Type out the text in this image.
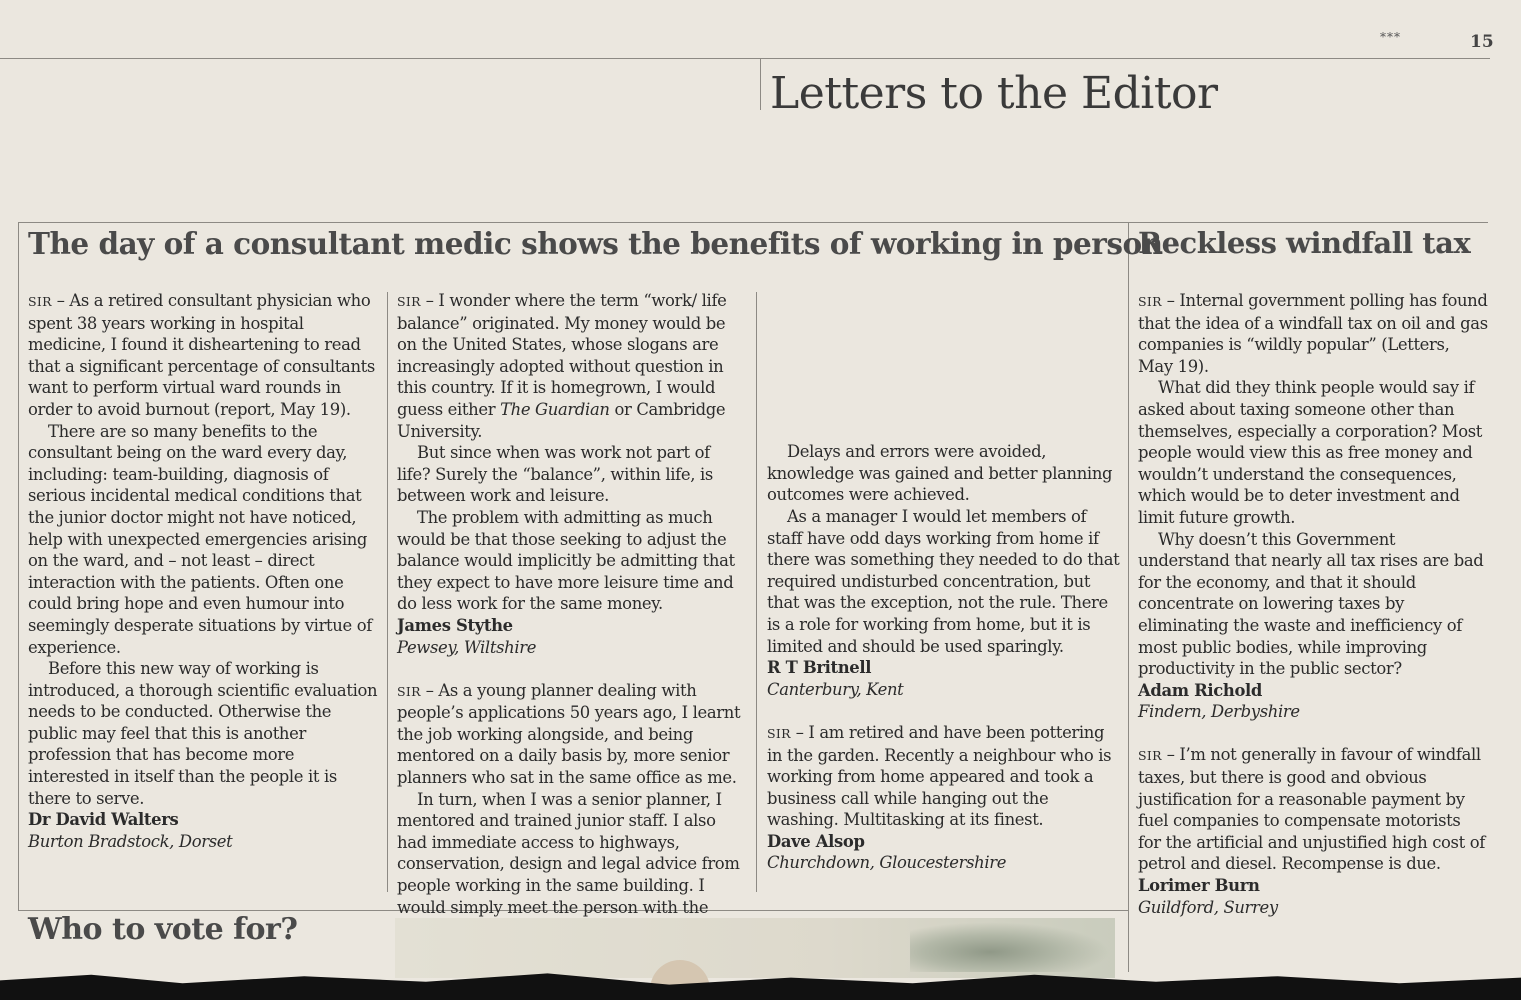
***	15
Letters to the Editor
The day of a consultant medic shows the benefits of working in person
Reckless windfall tax
Who to vote for?

SIR – As a retired consultant physician who spent 38 years working in hospital medicine, I found it disheartening to read that a significant percentage of consultants want to perform virtual ward rounds in order to avoid burnout (report, May 19).

There are so many benefits to the consultant being on the ward every day, including: team-building, diagnosis of serious incidental medical conditions that the junior doctor might not have noticed, help with unexpected emergencies arising on the ward, and – not least – direct interaction with the patients. Often one could bring hope and even humour into seemingly desperate situations by virtue of experience.

Before this new way of working is introduced, a thorough scientific evaluation needs to be conducted. Otherwise the public may feel that this is another profession that has become more interested in itself than the people it is there to serve.

Dr David Walters
Burton Bradstock, Dorset

SIR – I wonder where the term “work/ life balance” originated. My money would be on the United States, whose slogans are increasingly adopted without question in this country. If it is homegrown, I would guess either The Guardian or Cambridge University.

But since when was work not part of life? Surely the “balance”, within life, is between work and leisure.

The problem with admitting as much would be that those seeking to adjust the balance would implicitly be admitting that they expect to have more leisure time and do less work for the same money.

James Stythe
Pewsey, Wiltshire

SIR – As a young planner dealing with people’s applications 50 years ago, I learnt the job working alongside, and being mentored on a daily basis by, more senior planners who sat in the same office as me.

In turn, when I was a senior planner, I mentored and trained junior staff. I also had immediate access to highways, conservation, design and legal advice from people working in the same building. I would simply meet the person with the

Delays and errors were avoided, knowledge was gained and better planning outcomes were achieved.

As a manager I would let members of staff have odd days working from home if there was something they needed to do that required undisturbed concentration, but that was the exception, not the rule. There is a role for working from home, but it is limited and should be used sparingly.

R T Britnell
Canterbury, Kent

SIR – I am retired and have been pottering in the garden. Recently a neighbour who is working from home appeared and took a business call while hanging out the washing. Multitasking at its finest.

Dave Alsop
Churchdown, Gloucestershire

SIR – Internal government polling has found that the idea of a windfall tax on oil and gas companies is “wildly popular” (Letters, May 19).

What did they think people would say if asked about taxing someone other than themselves, especially a corporation? Most people would view this as free money and wouldn’t understand the consequences, which would be to deter investment and limit future growth.

Why doesn’t this Government understand that nearly all tax rises are bad for the economy, and that it should concentrate on lowering taxes by eliminating the waste and inefficiency of most public bodies, while improving productivity in the public sector?

Adam Richold
Findern, Derbyshire

SIR – I’m not generally in favour of windfall taxes, but there is good and obvious justification for a reasonable payment by fuel companies to compensate motorists for the artificial and unjustified high cost of petrol and diesel. Recompense is due.

Lorimer Burn
Guildford, Surrey
